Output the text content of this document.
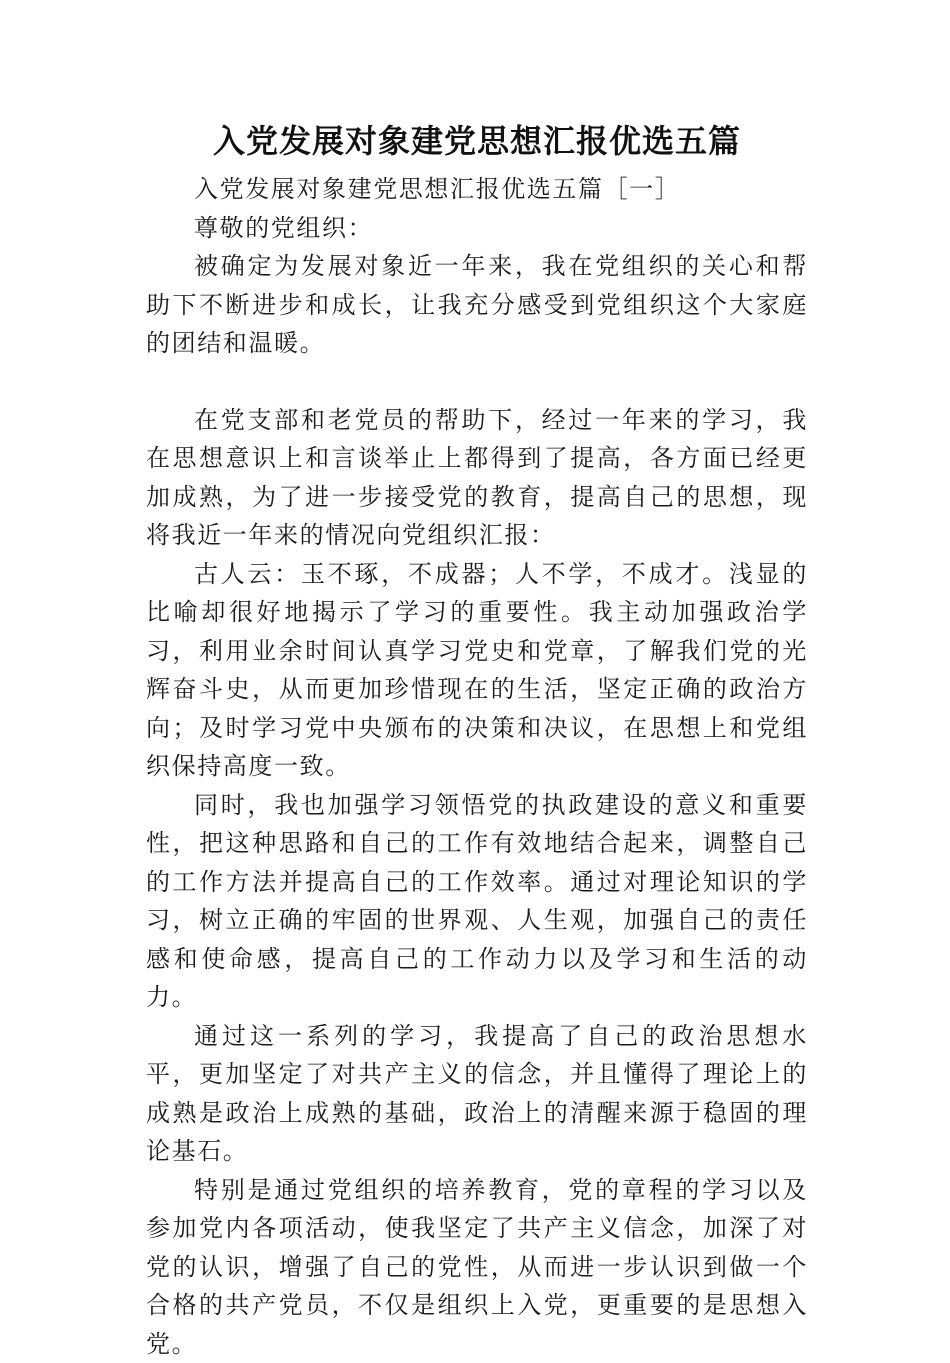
入党发展对象建党思想汇报优选五篇

入党发展对象建党思想汇报优选五篇［一］

尊敬的党组织：

被确定为发展对象近一年来，我在党组织的关心和帮助下不断进步和成长，让我充分感受到党组织这个大家庭的团结和温暖。

在党支部和老党员的帮助下，经过一年来的学习，我在思想意识上和言谈举止上都得到了提高，各方面已经更加成熟，为了进一步接受党的教育，提高自己的思想，现将我近一年来的情况向党组织汇报：

古人云：玉不琢，不成器；人不学，不成才。浅显的比喻却很好地揭示了学习的重要性。我主动加强政治学习，利用业余时间认真学习党史和党章，了解我们党的光辉奋斗史，从而更加珍惜现在的生活，坚定正确的政治方向；及时学习党中央颁布的决策和决议，在思想上和党组织保持高度一致。

同时，我也加强学习领悟党的执政建设的意义和重要性，把这种思路和自己的工作有效地结合起来，调整自己的工作方法并提高自己的工作效率。通过对理论知识的学习，树立正确的牢固的世界观、人生观，加强自己的责任感和使命感，提高自己的工作动力以及学习和生活的动力。

通过这一系列的学习，我提高了自己的政治思想水平，更加坚定了对共产主义的信念，并且懂得了理论上的成熟是政治上成熟的基础，政治上的清醒来源于稳固的理论基石。

特别是通过党组织的培养教育，党的章程的学习以及参加党内各项活动，使我坚定了共产主义信念，加深了对党的认识，增强了自己的党性，从而进一步认识到做一个合格的共产党员，不仅是组织上入党，更重要的是思想入党。
